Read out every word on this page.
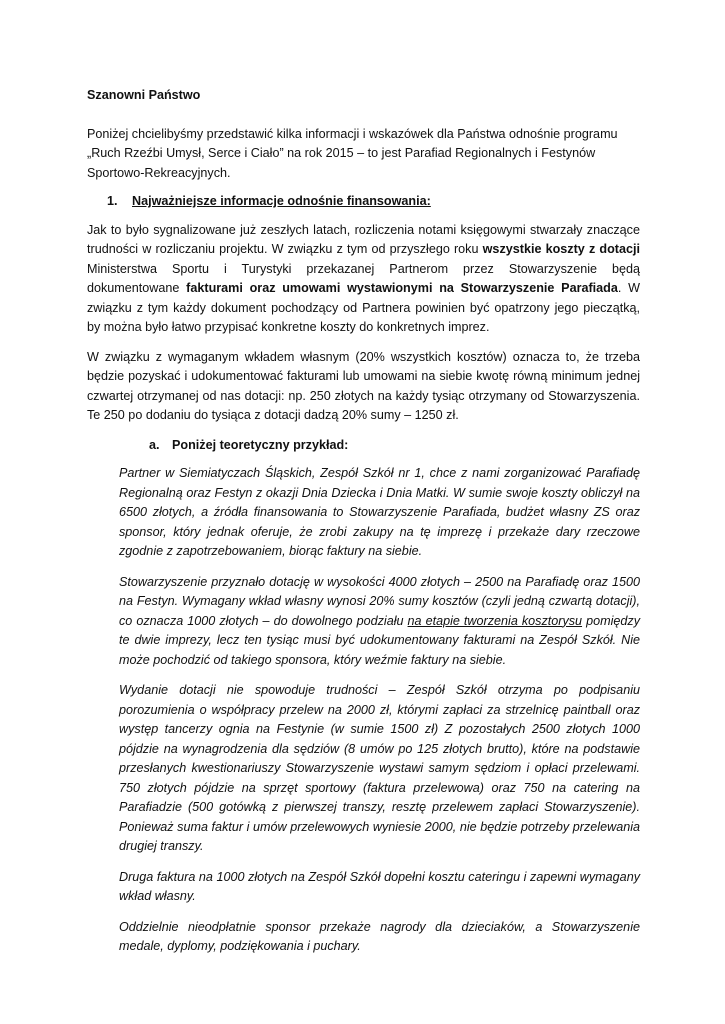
Szanowni Państwo

Poniżej chcielibyśmy przedstawić kilka informacji i wskazówek dla Państwa odnośnie programu „Ruch Rzeźbi Umysł, Serce i Ciało” na rok 2015 – to jest Parafiad Regionalnych i Festynów Sportowo-Rekreacyjnych.

1. Najważniejsze informacje odnośnie finansowania:

Jak to było sygnalizowane już zeszłych latach, rozliczenia notami księgowymi stwarzały znaczące trudności w rozliczaniu projektu. W związku z tym od przyszłego roku wszystkie koszty z dotacji Ministerstwa Sportu i Turystyki przekazanej Partnerom przez Stowarzyszenie będą dokumentowane fakturami oraz umowami wystawionymi na Stowarzyszenie Parafiada. W związku z tym każdy dokument pochodzący od Partnera powinien być opatrzony jego pieczątką, by można było łatwo przypisać konkretne koszty do konkretnych imprez.

W związku z wymaganym wkładem własnym (20% wszystkich kosztów) oznacza to, że trzeba będzie pozyskać i udokumentować fakturami lub umowami na siebie kwotę równą minimum jednej czwartej otrzymanej od nas dotacji: np. 250 złotych na każdy tysiąc otrzymany od Stowarzyszenia. Te 250 po dodaniu do tysiąca z dotacji dadzą 20% sumy – 1250 zł.

a. Poniżej teoretyczny przykład:

Partner w Siemiatyczach Śląskich, Zespół Szkół nr 1, chce z nami zorganizować Parafiadę Regionalną oraz Festyn z okazji Dnia Dziecka i Dnia Matki. W sumie swoje koszty obliczył na 6500 złotych, a źródła finansowania to Stowarzyszenie Parafiada, budżet własny ZS oraz sponsor, który jednak oferuje, że zrobi zakupy na tę imprezę i przekaże dary rzeczowe zgodnie z zapotrzebowaniem, biorąc faktury na siebie.

Stowarzyszenie przyznało dotację w wysokości 4000 złotych – 2500 na Parafiadę oraz 1500 na Festyn. Wymagany wkład własny wynosi 20% sumy kosztów (czyli jedną czwartą dotacji), co oznacza 1000 złotych – do dowolnego podziału na etapie tworzenia kosztorysu pomiędzy te dwie imprezy, lecz ten tysiąc musi być udokumentowany fakturami na Zespół Szkół. Nie może pochodzić od takiego sponsora, który weźmie faktury na siebie.

Wydanie dotacji nie spowoduje trudności – Zespół Szkół otrzyma po podpisaniu porozumienia o współpracy przelew na 2000 zł, którymi zapłaci za strzelnicę paintball oraz występ tancerzy ognia na Festynie (w sumie 1500 zł) Z pozostałych 2500 złotych 1000 pójdzie na wynagrodzenia dla sędziów (8 umów po 125 złotych brutto), które na podstawie przesłanych kwestionariuszy Stowarzyszenie wystawi samym sędziom i opłaci przelewami. 750 złotych pójdzie na sprzęt sportowy (faktura przelewowa) oraz 750 na catering na Parafiadzie (500 gotówką z pierwszej transzy, resztę przelewem zapłaci Stowarzyszenie). Ponieważ suma faktur i umów przelewowych wyniesie 2000, nie będzie potrzeby przelewania drugiej transzy.

Druga faktura na 1000 złotych na Zespół Szkół dopełni kosztu cateringu i zapewni wymagany wkład własny.

Oddzielnie nieodpłatnie sponsor przekaże nagrody dla dzieciaków, a Stowarzyszenie medale, dyplomy, podziękowania i puchary.
